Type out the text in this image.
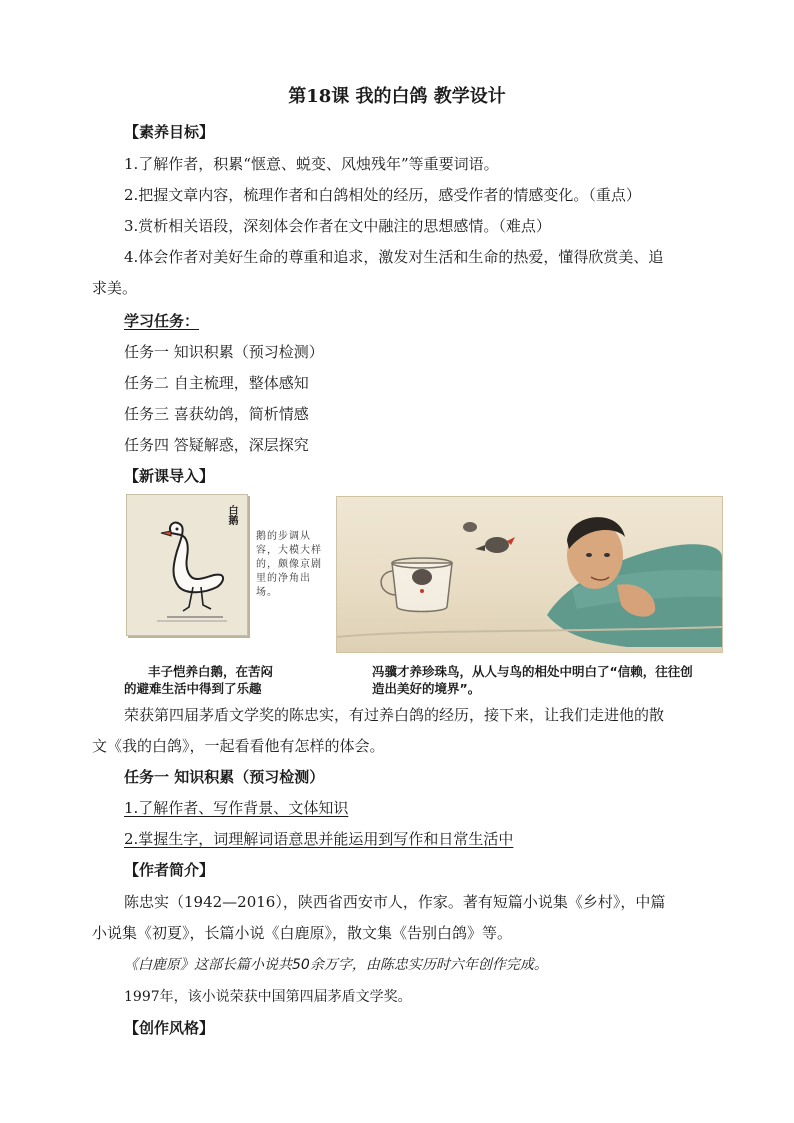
第18课 我的白鸽 教学设计
【素养目标】
1.了解作者，积累“惬意、蜕变、风烛残年”等重要词语。
2.把握文章内容，梳理作者和白鸽相处的经历，感受作者的情感变化。（重点）
3.赏析相关语段，深刻体会作者在文中融注的思想感情。（难点）
4.体会作者对美好生命的尊重和追求，激发对生活和生命的热爱，懂得欣赏美、追
求美。
学习任务：
任务一 知识积累（预习检测）
任务二 自主梳理，整体感知
任务三 喜获幼鸽，简析情感
任务四 答疑解惑，深层探究
【新课导入】
白鹅
鹅的步调从容，大模大样的，颇像京剧里的净角出场。
丰子恺养白鹅，在苦闷
的避难生活中得到了乐趣
冯骥才养珍珠鸟，从人与鸟的相处中明白了“信赖，往往创
造出美好的境界”。
荣获第四届茅盾文学奖的陈忠实，有过养白鸽的经历，接下来，让我们走进他的散
文《我的白鸽》，一起看看他有怎样的体会。
任务一 知识积累（预习检测）
1.了解作者、写作背景、文体知识
2.掌握生字，词理解词语意思并能运用到写作和日常生活中
【作者简介】
陈忠实（1942—2016），陕西省西安市人，作家。著有短篇小说集《乡村》，中篇
小说集《初夏》，长篇小说《白鹿原》，散文集《告别白鸽》等。
《白鹿原》这部长篇小说共50余万字，由陈忠实历时六年创作完成。
1997年，该小说荣获中国第四届茅盾文学奖。
【创作风格】
